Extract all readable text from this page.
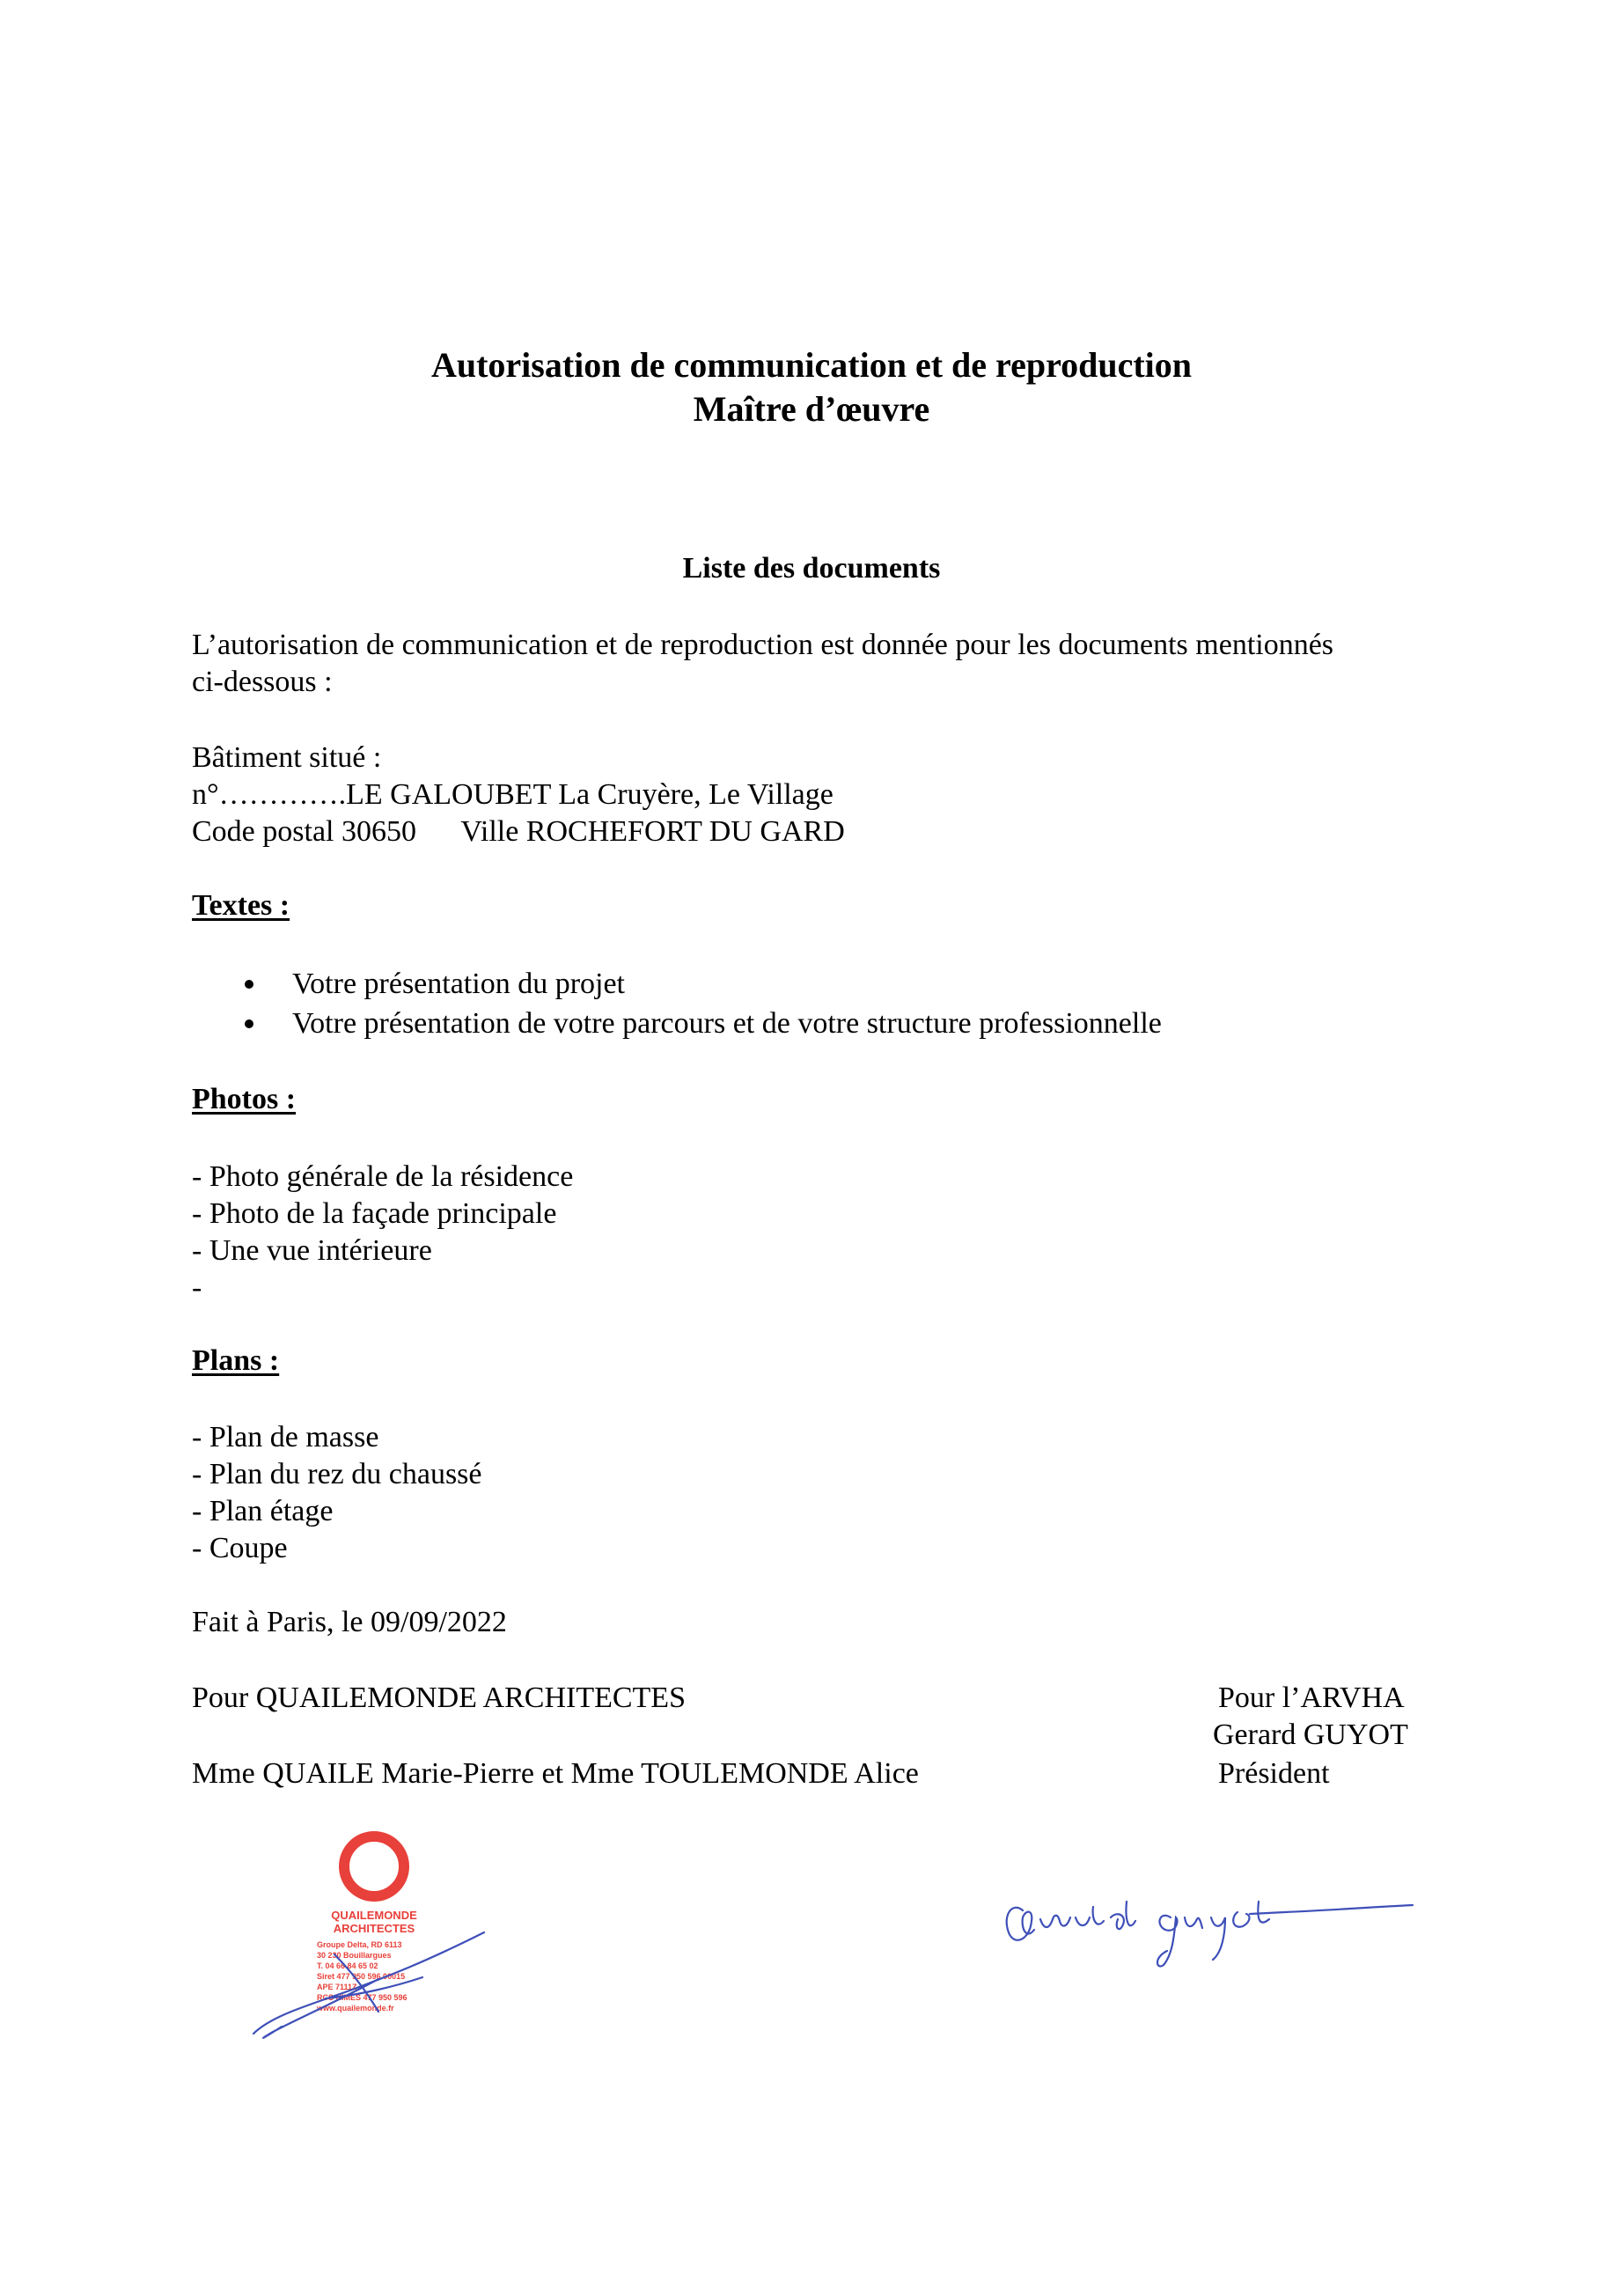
Autorisation de communication et de reproduction
Maître d’œuvre
Liste des documents
L’autorisation de communication et de reproduction est donnée pour les documents mentionnés
ci-dessous :
Bâtiment situé :
n°………….LE GALOUBET La Cruyère, Le Village
Code postal 30650      Ville ROCHEFORT DU GARD
Textes :
Votre présentation du projet
Votre présentation de votre parcours et de votre structure professionnelle
Photos :
- Photo générale de la résidence
- Photo de la façade principale
- Une vue intérieure
-
Plans :
- Plan de masse
- Plan du rez du chaussé
- Plan étage
- Coupe
Fait à Paris, le 09/09/2022
Pour QUAILEMONDE ARCHITECTES
Mme QUAILE Marie-Pierre et Mme TOULEMONDE Alice
Pour l’ARVHA
Gerard GUYOT
Président
QUAILEMONDE
ARCHITECTES
Groupe Delta, RD 6113
30 230 Bouillargues
T. 04 66 84 65 02
Siret 477 950 596 00015
APE 7111Z
RCS NIMES 477 950 596
www.quailemonde.fr
